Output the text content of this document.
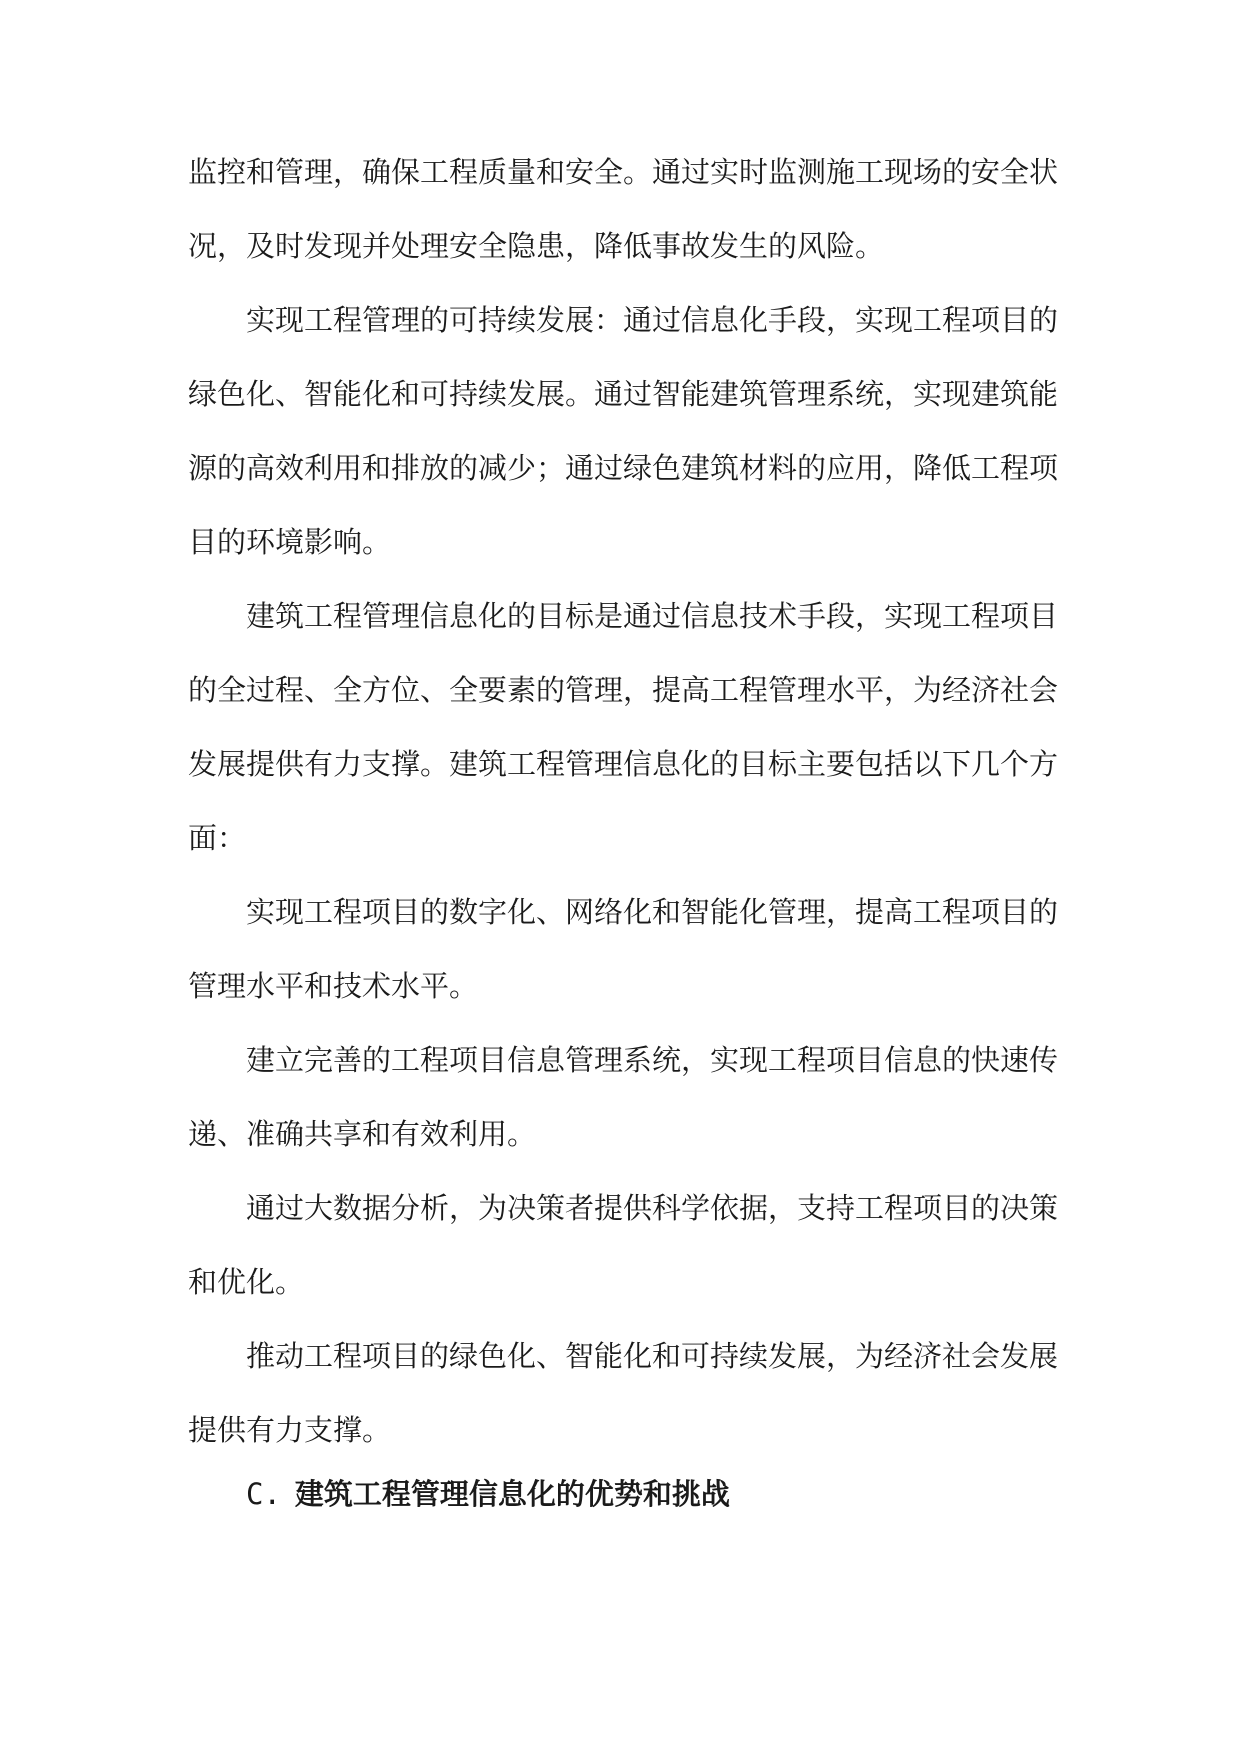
监控和管理，确保工程质量和安全。通过实时监测施工现场的安全状
况，及时发现并处理安全隐患，降低事故发生的风险。
实现工程管理的可持续发展：通过信息化手段，实现工程项目的
绿色化、智能化和可持续发展。通过智能建筑管理系统，实现建筑能
源的高效利用和排放的减少；通过绿色建筑材料的应用，降低工程项
目的环境影响。
建筑工程管理信息化的目标是通过信息技术手段，实现工程项目
的全过程、全方位、全要素的管理，提高工程管理水平，为经济社会
发展提供有力支撑。建筑工程管理信息化的目标主要包括以下几个方
面：
实现工程项目的数字化、网络化和智能化管理，提高工程项目的
管理水平和技术水平。
建立完善的工程项目信息管理系统，实现工程项目信息的快速传
递、准确共享和有效利用。
通过大数据分析，为决策者提供科学依据，支持工程项目的决策
和优化。
推动工程项目的绿色化、智能化和可持续发展，为经济社会发展
提供有力支撑。
C. 建筑工程管理信息化的优势和挑战
